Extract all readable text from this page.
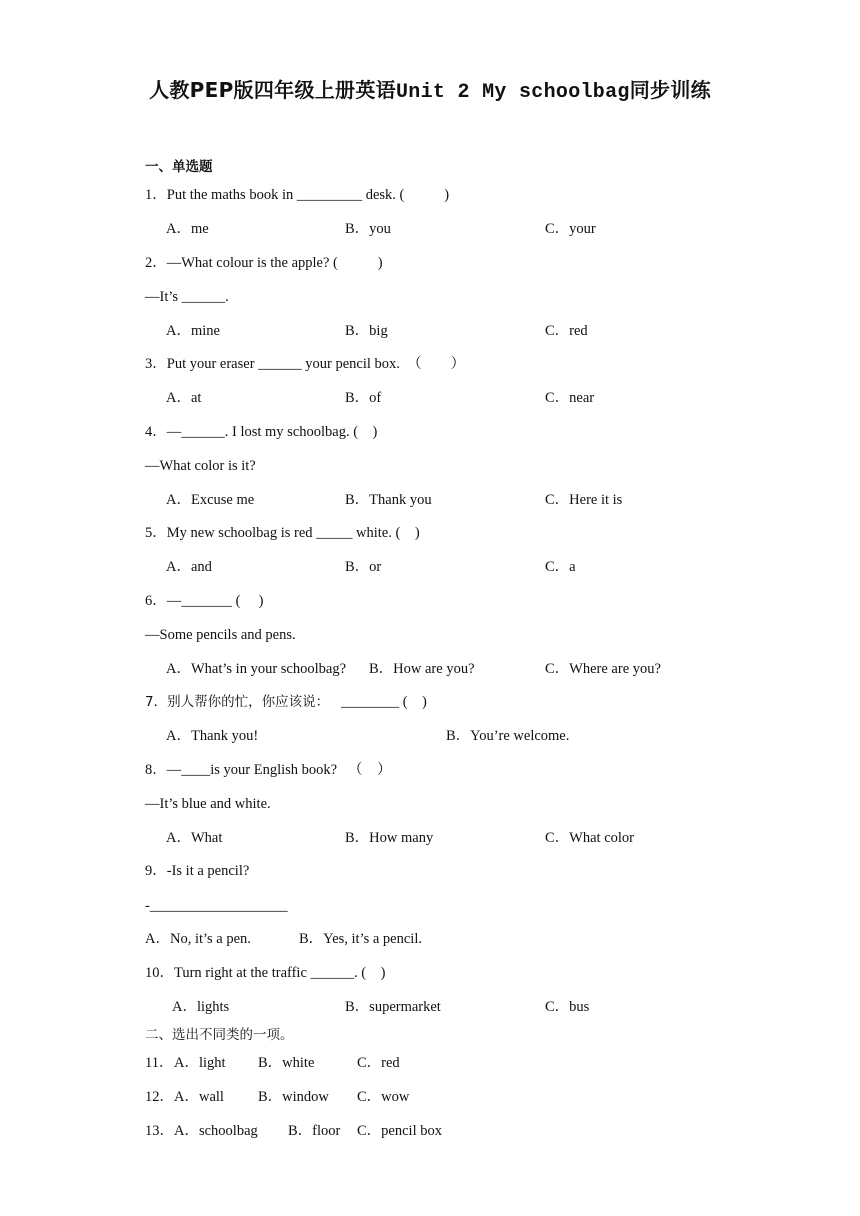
人教PEP版四年级上册英语Unit 2 My schoolbag同步训练
一、单选题
1．Put the maths book in _________ desk. (           )
A．me	B．you	C．your
2．—What colour is the apple? (           )
—It’s ______.
A．mine	B．big	C．red
3．Put your eraser ______ your pencil box.  （        ）
A．at	B．of	C．near
4．—______. I lost my schoolbag. (    )
—What color is it?
A．Excuse me	B．Thank you	C．Here it is
5．My new schoolbag is red _____ white. (    )
A．and	B．or	C．a
6．—_______ (     )
—Some pencils and pens.
A．What’s in your schoolbag? B．How are you?	C．Where are you?
7．别人帮你的忙，你应该说： ________ (    )
A．Thank you!	B．You’re welcome.
8．—____is your English book?   （    ）
—It’s blue and white.
A．What	B．How many	C．What color
9．-Is it a pencil?
-___________________
A．No, it’s a pen.	B．Yes, it’s a pencil.
10．Turn right at the traffic ______. (    )
A．lights	B．supermarket	C．bus
二、选出不同类的一项。
11． A．light B．white	C．red
12． A．wall B．window C．wow
13． A．schoolbag B．floor C．pencil box
